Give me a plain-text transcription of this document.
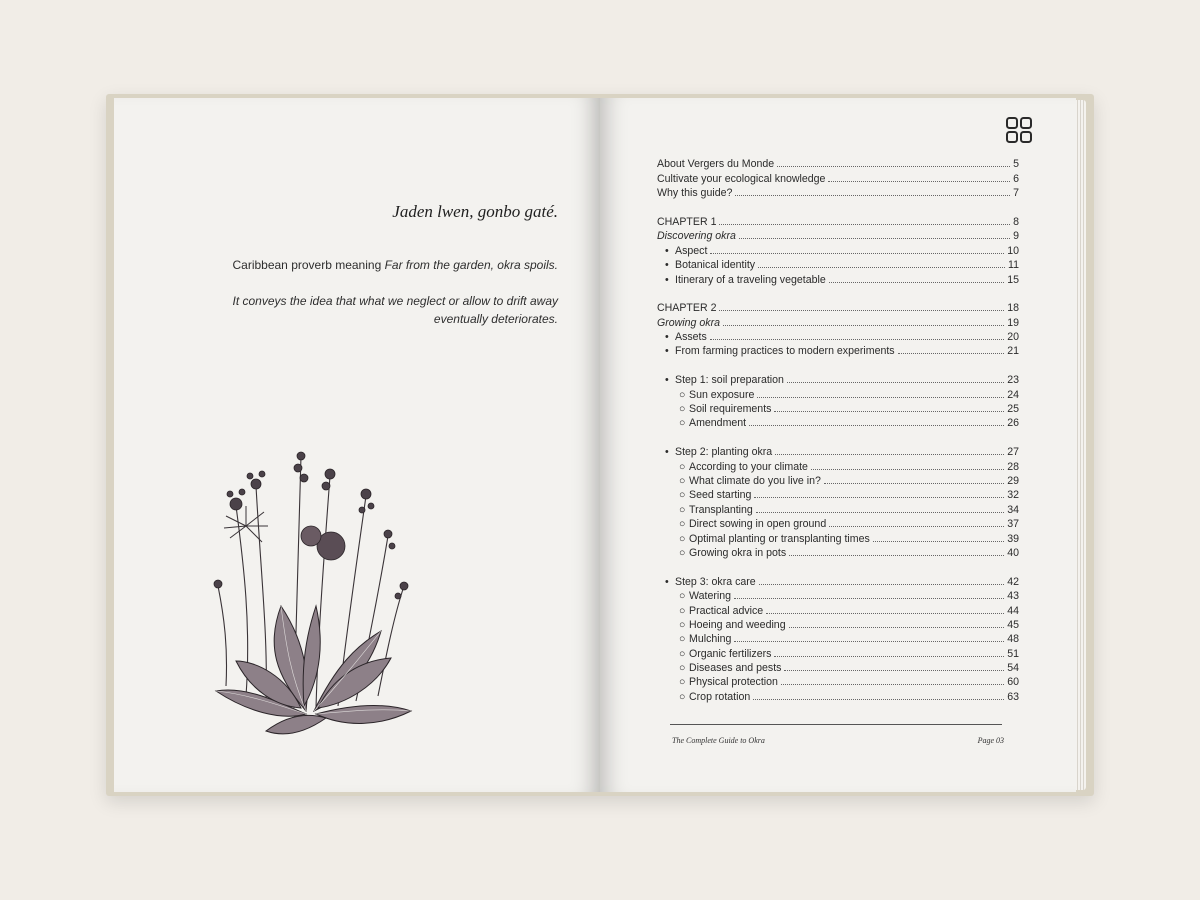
Jaden lwen, gonbo gaté.

Caribbean proverb meaning Far from the garden, okra spoils.
It conveys the idea that what we neglect or allow to drift away eventually deteriorates.
About Vergers du Monde	5
Cultivate your ecological knowledge	6
Why this guide?	7
CHAPTER 1	8
Discovering okra	9
• Aspect	10
• Botanical identity	11
• Itinerary of a traveling vegetable	15
CHAPTER 2	18
Growing okra	19
• Assets	20
• From farming practices to modern experiments	21
• Step 1: soil preparation	23
○ Sun exposure	24
○ Soil requirements	25
○ Amendment	26
• Step 2: planting okra	27
○ According to your climate	28
○ What climate do you live in?	29
○ Seed starting	32
○ Transplanting	34
○ Direct sowing in open ground	37
○ Optimal planting or transplanting times	39
○ Growing okra in pots	40
• Step 3: okra care	42
○ Watering	43
○ Practical advice	44
○ Hoeing and weeding	45
○ Mulching	48
○ Organic fertilizers	51
○ Diseases and pests	54
○ Physical protection	60
○ Crop rotation	63
The Complete Guide to Okra	Page 03
